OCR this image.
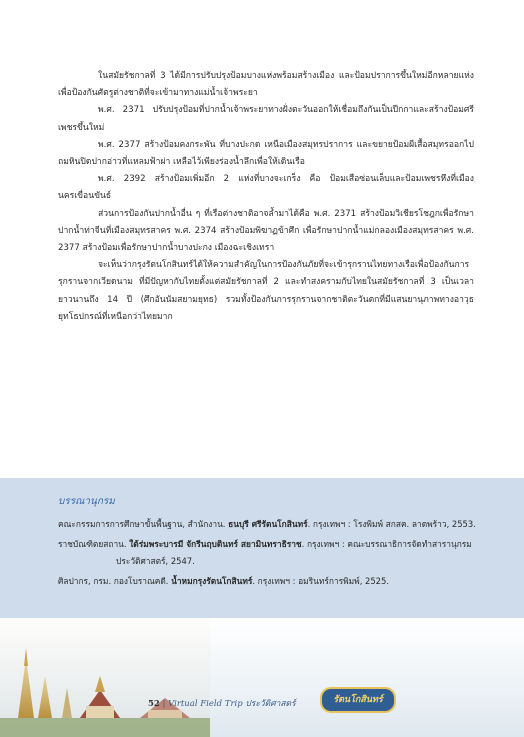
ในสมัยรัชกาลที่ 3 ได้มีการปรับปรุงป้อมบางแห่งพร้อมสร้างเมือง และป้อมปราการขึ้นใหม่อีกหลายแห่ง เพื่อป้องกันศัตรูต่างชาติที่จะเข้ามาทางแม่น้ำเจ้าพระยา

พ.ศ. 2371 ปรับปรุงป้อมที่ปากน้ำเจ้าพระยาทางฝั่งตะวันออกให้เชื่อมถึงกันเป็นปีกกาและสร้างป้อมศรีเพชรขึ้นใหม่

พ.ศ. 2377 สร้างป้อมคงกระพัน ที่บางปะกด เหนือเมืองสมุทรปราการ และขยายป้อมผีเสื้อสมุทรออกไป ถมหินปิดปากอ่าวที่แหลมฟ้าผ่า เหลือไว้เพียงร่องน้ำลึกเพื่อให้เดินเรือ

พ.ศ. 2392 สร้างป้อมเพิ่มอีก 2 แห่งที่บางจะเกร็ง คือ ป้อมเสือซ่อนเล็บและป้อมเพชรหึงที่เมืองนครเขื่อนขันธ์

ส่วนการป้องกันปากน้ำอื่น ๆ ที่เรือต่างชาติอาจล้ำมาได้คือ พ.ศ. 2371 สร้างป้อมวิเชียรโชฎกเพื่อรักษาปากน้ำท่าจีนที่เมืองสมุทรสาคร พ.ศ. 2374 สร้างป้อมพิฆาฏข้าศึก เพื่อรักษาปากน้ำแม่กลองเมืองสมุทรสาคร พ.ศ. 2377 สร้างป้อมเพื่อรักษาปากน้ำบางปะกง เมืองฉะเชิงเทรา

จะเห็นว่ากรุงรัตนโกสินทร์ได้ให้ความสำคัญในการป้องกันภัยที่จะเข้ารุกรานไทยทางเรือเพื่อป้องกันการรุกรานจากเวียดนาม ที่มีปัญหากับไทยตั้งแต่สมัยรัชกาลที่ 2 และทำสงครามกับไทยในสมัยรัชกาลที่ 3 เป็นเวลายาวนานถึง 14 ปี (ศึกอันนัมสยามยุทธ) รวมทั้งป้องกันการรุกรานจากชาติตะวันตกที่มีแสนยานุภาพทางอาวุธยุทโธปกรณ์ที่เหนือกว่าไทยมาก

บรรณานุกรม

คณะกรรมการการศึกษาขั้นพื้นฐาน, สำนักงาน. ธนบุรี ศรีรัตนโกสินทร์. กรุงเทพฯ : โรงพิมพ์ สกสค. ลาดพร้าว, 2553.

ราชบัณฑิตยสถาน. ใต้ร่มพระบารมี จักรีนฤบดินทร์ สยามินทราธิราช. กรุงเทพฯ : คณะบรรณาธิการจัดทำสารานุกรมประวัติศาสตร์, 2547.

ศิลปากร, กรม. กองโบราณคดี. น้ำหมกรุงรัตนโกสินทร์. กรุงเทพฯ : อมรินทร์การพิมพ์, 2525.

52 | Virtual Field Trip ประวัติศาสตร์	รัตนโกสินทร์
